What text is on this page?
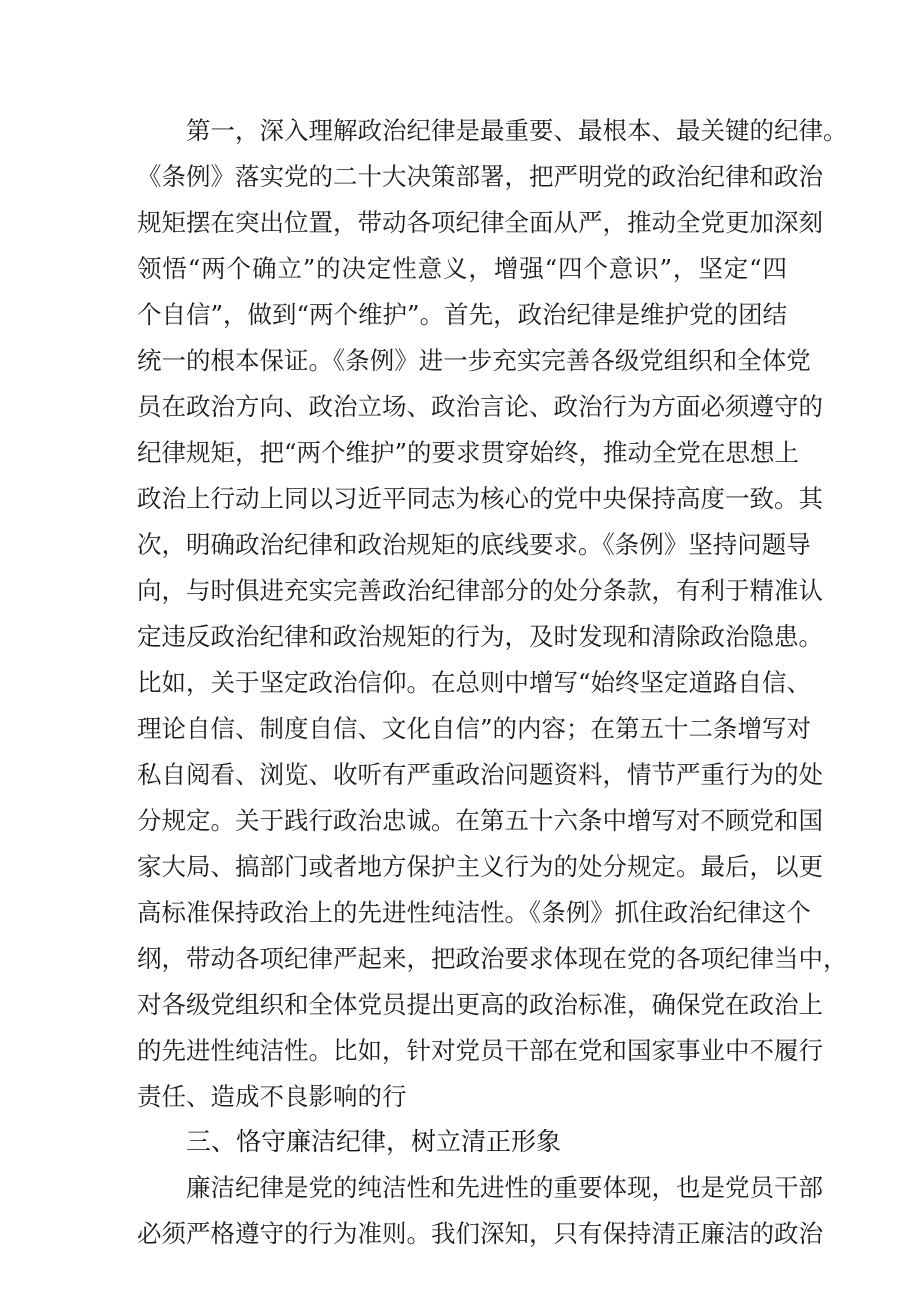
第一，深入理解政治纪律是最重要、最根本、最关键的纪律。
《条例》落实党的二十大决策部署，把严明党的政治纪律和政治
规矩摆在突出位置，带动各项纪律全面从严，推动全党更加深刻
领悟“两个确立”的决定性意义，增强“四个意识”，坚定“四
个自信”，做到“两个维护”。首先，政治纪律是维护党的团结
统一的根本保证。《条例》进一步充实完善各级党组织和全体党
员在政治方向、政治立场、政治言论、政治行为方面必须遵守的
纪律规矩，把“两个维护”的要求贯穿始终，推动全党在思想上
政治上行动上同以习近平同志为核心的党中央保持高度一致。其
次，明确政治纪律和政治规矩的底线要求。《条例》坚持问题导
向，与时俱进充实完善政治纪律部分的处分条款，有利于精准认
定违反政治纪律和政治规矩的行为，及时发现和清除政治隐患。
比如，关于坚定政治信仰。在总则中增写“始终坚定道路自信、
理论自信、制度自信、文化自信”的内容；在第五十二条增写对
私自阅看、浏览、收听有严重政治问题资料，情节严重行为的处
分规定。关于践行政治忠诚。在第五十六条中增写对不顾党和国
家大局、搞部门或者地方保护主义行为的处分规定。最后，以更
高标准保持政治上的先进性纯洁性。《条例》抓住政治纪律这个
纲，带动各项纪律严起来，把政治要求体现在党的各项纪律当中，
对各级党组织和全体党员提出更高的政治标准，确保党在政治上
的先进性纯洁性。比如，针对党员干部在党和国家事业中不履行
责任、造成不良影响的行
三、恪守廉洁纪律，树立清正形象
廉洁纪律是党的纯洁性和先进性的重要体现，也是党员干部
必须严格遵守的行为准则。我们深知，只有保持清正廉洁的政治
